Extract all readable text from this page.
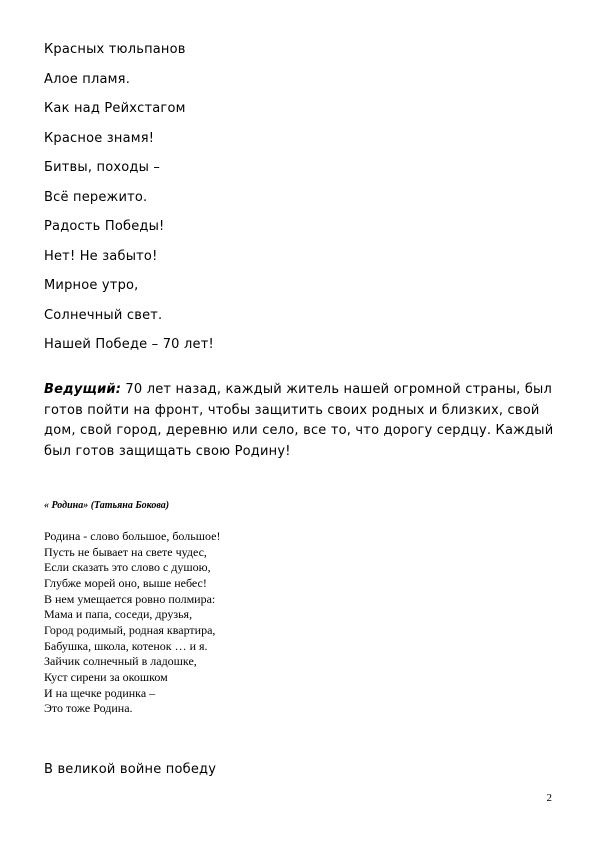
Красных тюльпанов
Алое пламя.
Как над Рейхстагом
Красное знамя!
Битвы, походы –
Всё пережито.
Радость Победы!
Нет! Не забыто!
Мирное утро,
Солнечный свет.
Нашей Победе – 70 лет!

Ведущий: 70 лет назад, каждый житель нашей огромной страны, был готов пойти на фронт, чтобы защитить своих родных и близких, свой дом, свой город, деревню или село, все то, что дорогу сердцу. Каждый был готов защищать свою Родину!

« Родина» (Татьяна Бокова)
Родина - слово большое, большое!
Пусть не бывает на свете чудес,
Если сказать это слово с душою,
Глубже морей оно, выше небес!
В нем умещается ровно полмира:
Мама и папа, соседи, друзья,
Город родимый, родная квартира,
Бабушка, школа, котенок … и я.
Зайчик солнечный в ладошке,
Куст сирени за окошком
И на щечке родинка –
Это тоже Родина.
В великой войне победу
2
